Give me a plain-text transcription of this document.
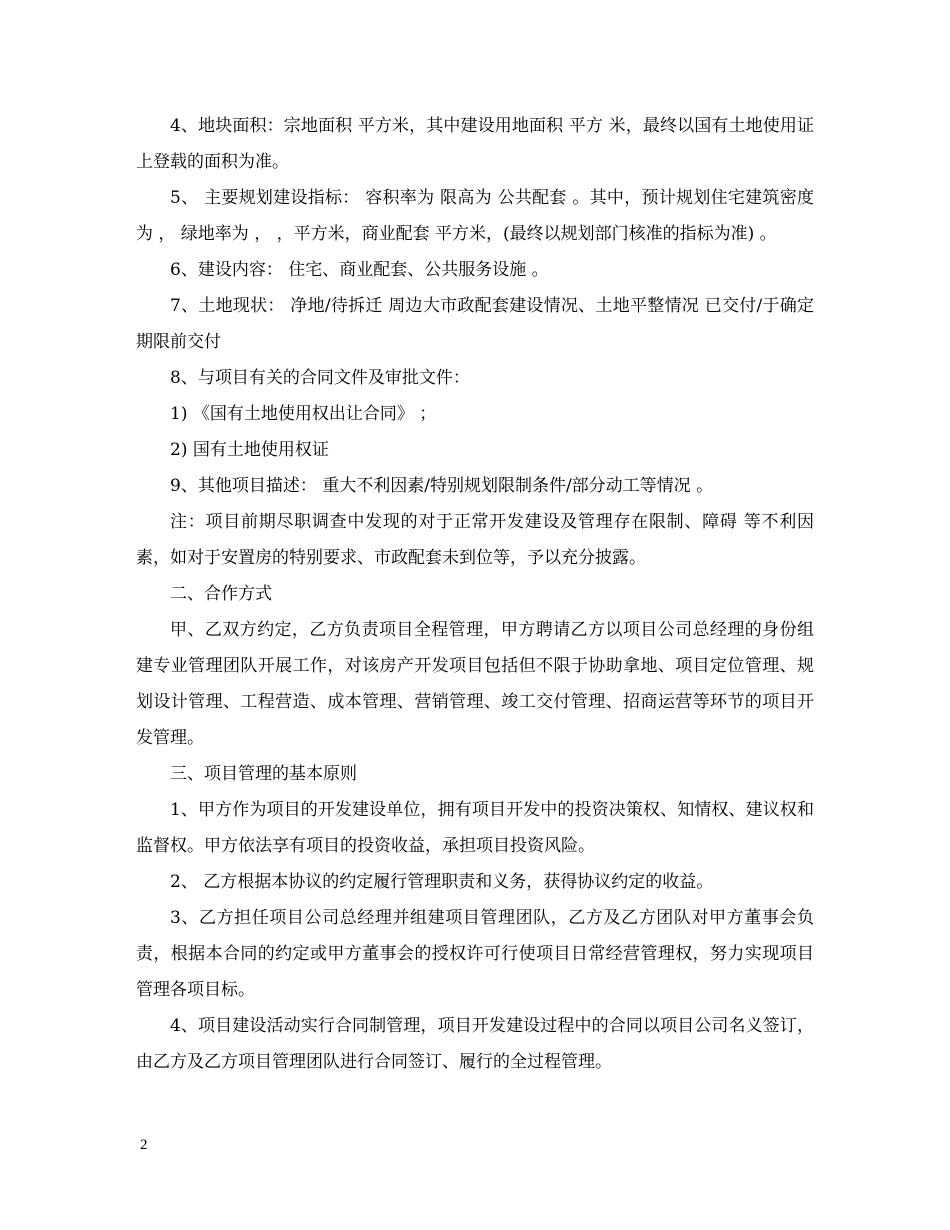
4、地块面积：宗地面积 平方米，其中建设用地面积 平方 米，最终以国有土地使用证上登载的面积为准。

5、 主要规划建设指标： 容积率为 限高为 公共配套 。其中，预计规划住宅建筑密度为 ， 绿地率为 ， ，平方米，商业配套 平方米，(最终以规划部门核准的指标为准) 。

6、建设内容： 住宅、商业配套、公共服务设施 。

7、土地现状： 净地/待拆迁 周边大市政配套建设情况、土地平整情况 已交付/于确定期限前交付

8、与项目有关的合同文件及审批文件：

1) 《国有土地使用权出让合同》 ；

2) 国有土地使用权证

9、其他项目描述： 重大不利因素/特别规划限制条件/部分动工等情况 。

注：项目前期尽职调查中发现的对于正常开发建设及管理存在限制、障碍 等不利因素，如对于安置房的特别要求、市政配套未到位等，予以充分披露。

二、合作方式

甲、乙双方约定，乙方负责项目全程管理，甲方聘请乙方以项目公司总经理的身份组建专业管理团队开展工作，对该房产开发项目包括但不限于协助拿地、项目定位管理、规划设计管理、工程营造、成本管理、营销管理、竣工交付管理、招商运营等环节的项目开发管理。

三、项目管理的基本原则

1、甲方作为项目的开发建设单位，拥有项目开发中的投资决策权、知情权、建议权和监督权。甲方依法享有项目的投资收益，承担项目投资风险。

2、 乙方根据本协议的约定履行管理职责和义务，获得协议约定的收益。

3、乙方担任项目公司总经理并组建项目管理团队，乙方及乙方团队对甲方董事会负责，根据本合同的约定或甲方董事会的授权许可行使项目日常经营管理权，努力实现项目管理各项目标。

4、项目建设活动实行合同制管理，项目开发建设过程中的合同以项目公司名义签订，由乙方及乙方项目管理团队进行合同签订、履行的全过程管理。

2
